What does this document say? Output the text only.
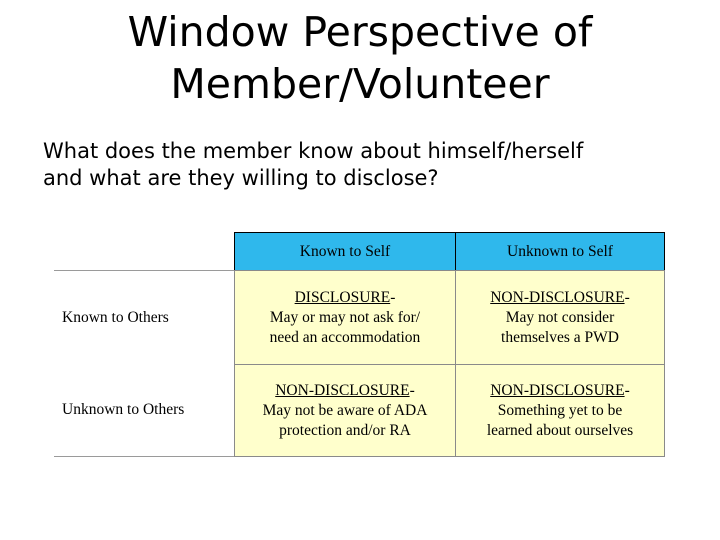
Window Perspective of
Member/Volunteer
What does the member know about himself/herself
and what are they willing to disclose?
Known to Self	Unknown to Self
Known to Others
Unknown to Others
DISCLOSURE-
May or may not ask for/
need an accommodation
NON-DISCLOSURE-
May not consider
themselves a PWD
NON-DISCLOSURE-
May not be aware of ADA
protection and/or RA
NON-DISCLOSURE-
Something yet to be
learned about ourselves
